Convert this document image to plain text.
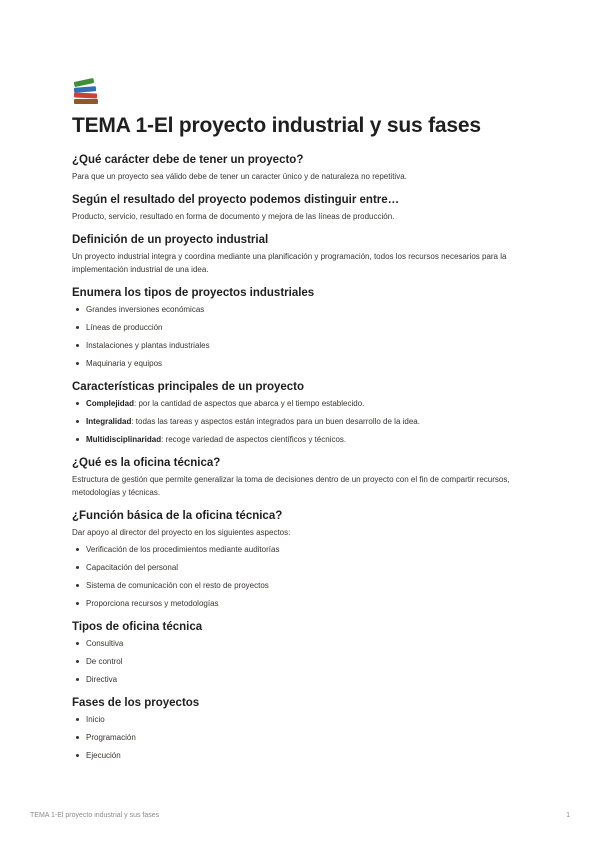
TEMA 1-El proyecto industrial y sus fases
¿Qué carácter debe de tener un proyecto?

Para que un proyecto sea válido debe de tener un caracter único y de naturaleza no repetitiva.

Según el resultado del proyecto podemos distinguir entre…

Producto, servicio, resultado en forma de documento y mejora de las líneas de producción.

Definición de un proyecto industrial

Un proyecto industrial integra y coordina mediante una planificación y programación, todos los recursos necesarios para la implementación industrial de una idea.

Enumera los tipos de proyectos industriales
Grandes inversiones económicas
Líneas de producción
Instalaciones y plantas industriales
Maquinaria y equipos
Características principales de un proyecto
Complejidad: por la cantidad de aspectos que abarca y el tiempo establecido.
Integralidad: todas las tareas y aspectos están integrados para un buen desarrollo de la idea.
Multidisciplinaridad: recoge variedad de aspectos científicos y técnicos.
¿Qué es la oficina técnica?

Estructura de gestión que permite generalizar la toma de decisiones dentro de un proyecto con el fin de compartir recursos, metodologías y técnicas.

¿Función básica de la oficina técnica?

Dar apoyo al director del proyecto en los siguientes aspectos:

Verificación de los procedimientos mediante auditorías
Capacitación del personal
Sistema de comunicación con el resto de proyectos
Proporciona recursos y metodologías
Tipos de oficina técnica
Consultiva
De control
Directiva
Fases de los proyectos
Inicio
Programación
Ejecución
TEMA 1-El proyecto industrial y sus fases	1
